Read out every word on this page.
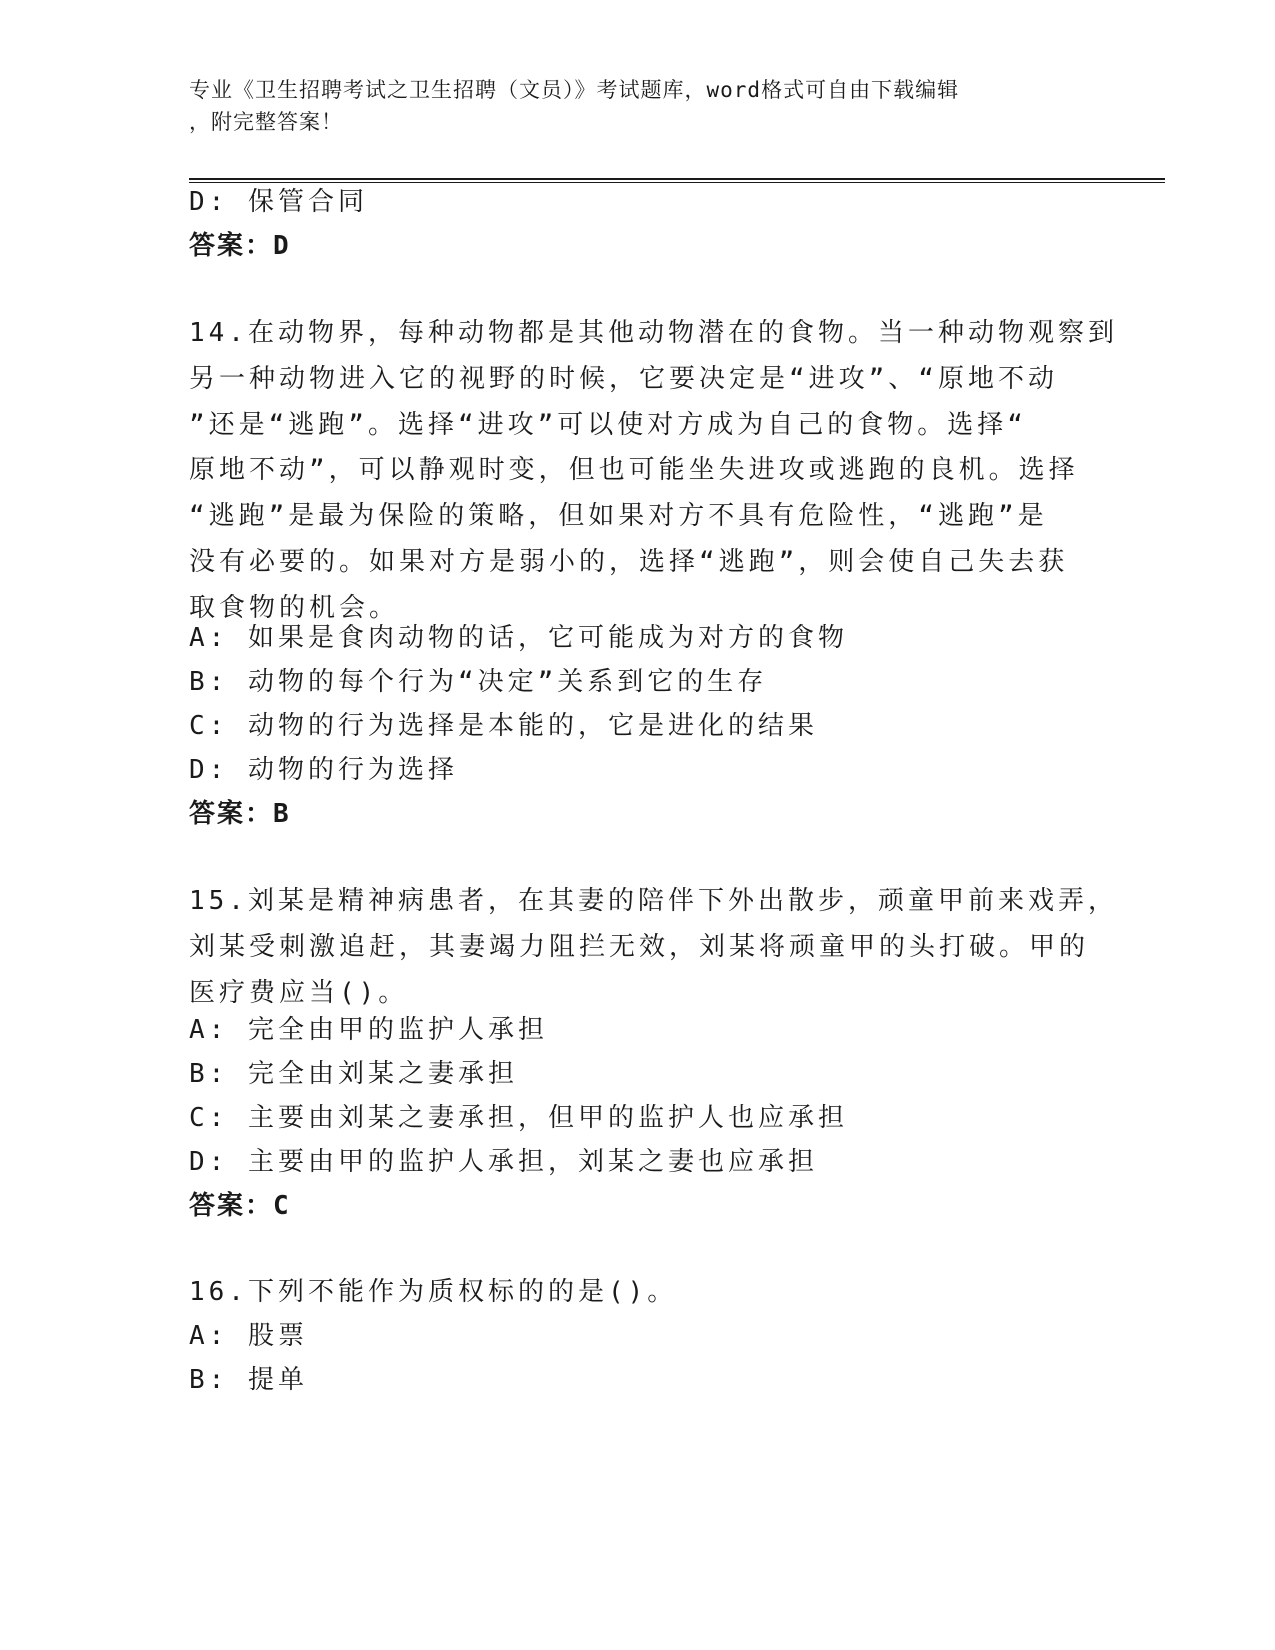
专业《卫生招聘考试之卫生招聘（文员）》考试题库，word格式可自由下载编辑
，附完整答案！
D: 保管合同
答案：D
14.在动物界，每种动物都是其他动物潜在的食物。当一种动物观察到
另一种动物进入它的视野的时候，它要决定是“进攻”、“原地不动
”还是“逃跑”。选择“进攻”可以使对方成为自己的食物。选择“
原地不动”，可以静观时变，但也可能坐失进攻或逃跑的良机。选择
“逃跑”是最为保险的策略，但如果对方不具有危险性，“逃跑”是
没有必要的。如果对方是弱小的，选择“逃跑”，则会使自己失去获
取食物的机会。
A: 如果是食肉动物的话，它可能成为对方的食物
B: 动物的每个行为“决定”关系到它的生存
C: 动物的行为选择是本能的，它是进化的结果
D: 动物的行为选择
答案：B
15.刘某是精神病患者，在其妻的陪伴下外出散步，顽童甲前来戏弄，
刘某受刺激追赶，其妻竭力阻拦无效，刘某将顽童甲的头打破。甲的
医疗费应当()。
A: 完全由甲的监护人承担
B: 完全由刘某之妻承担
C: 主要由刘某之妻承担，但甲的监护人也应承担
D: 主要由甲的监护人承担，刘某之妻也应承担
答案：C
16.下列不能作为质权标的的是()。
A: 股票
B: 提单
